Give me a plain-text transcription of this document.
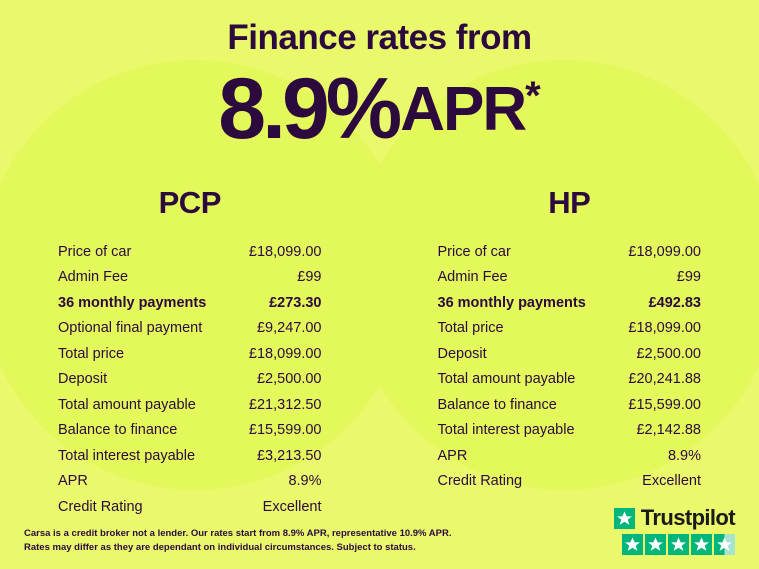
Finance rates from
8.9%APR*
PCP
Price of car	£18,099.00
Admin Fee	£99
36 monthly payments	£273.30
Optional final payment	£9,247.00
Total price	£18,099.00
Deposit	£2,500.00
Total amount payable	£21,312.50
Balance to finance	£15,599.00
Total interest payable	£3,213.50
APR	8.9%
Credit Rating	Excellent
HP
Price of car	£18,099.00
Admin Fee	£99
36 monthly payments	£492.83
Total price	£18,099.00
Deposit	£2,500.00
Total amount payable	£20,241.88
Balance to finance	£15,599.00
Total interest payable	£2,142.88
APR	8.9%
Credit Rating	Excellent
Carsa is a credit broker not a lender. Our rates start from 8.9% APR, representative 10.9% APR. Rates may differ as they are dependant on individual circumstances. Subject to status.
Trustpilot
